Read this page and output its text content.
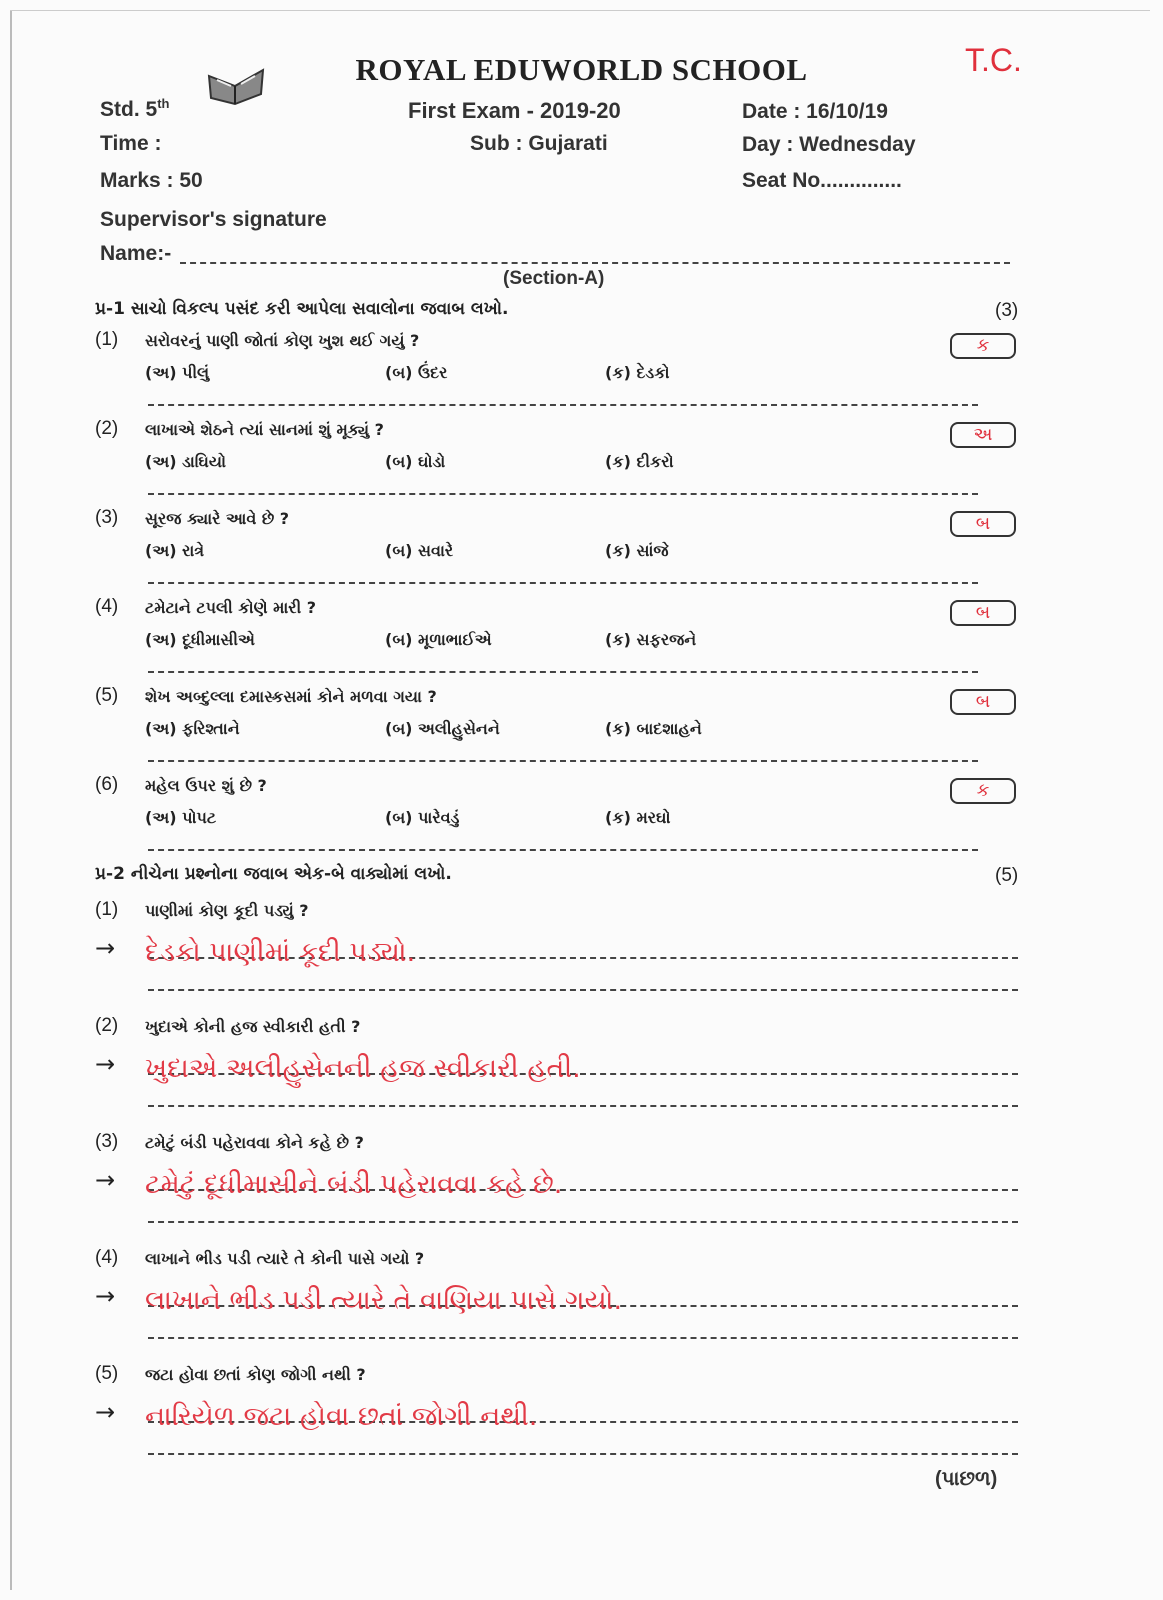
ROYAL EDUWORLD SCHOOL	T.C.
Std. 5th	First Exam - 2019-20	Date : 16/10/19
Time :	Sub : Gujarati	Day : Wednesday
Marks : 50	Seat No..............
Supervisor's signature
Name:-
(Section-A)
પ્ર-1 સાચો વિકલ્પ પસંદ કરી આપેલા સવાલોના જવાબ લખો.	(3)
(1) સરોવરનું પાણી જોતાં કોણ ખુશ થઈ ગયું ?
(અ) પીલું	(બ) ઉંદર	(ક) દેડકો
ક
(2) લાખાએ શેઠને ત્યાં સાનમાં શું મૂક્યું ?
(અ) ડાઘિયો	(બ) ઘોડો	(ક) દીકરો
અ
(3) સૂરજ ક્યારે આવે છે ?
(અ) રાત્રે	(બ) સવારે	(ક) સાંજે
બ
(4) ટમેટાને ટપલી કોણે મારી ?
(અ) દૂધીમાસીએ	(બ) મૂળાભાઈએ	(ક) સફરજને
બ
(5) શેખ અબ્દુલ્લા દમાસ્કસમાં કોને મળવા ગયા ?
(અ) ફરિશ્તાને	(બ) અલીહુસેનને	(ક) બાદશાહને
બ
(6) મહેલ ઉપર શું છે ?
(અ) પોપટ	(બ) પારેવડું	(ક) મરઘો
ક
પ્ર-2 નીચેના પ્રશ્નોના જવાબ એક-બે વાક્યોમાં લખો.	(5)
(1) પાણીમાં કોણ કૂદી પડ્યું ?
→ દેડકો પાણીમાં કૂદી પડ્યો.
(2) ખુદાએ કોની હજ સ્વીકારી હતી ?
→ ખુદાએ અલીહુસેનની હજ સ્વીકારી હતી.
(3) ટમેટું બંડી પહેરાવવા કોને કહે છે ?
→ ટમેટું દૂધીમાસીને બંડી પહેરાવવા કહે છે.
(4) લાખાને ભીડ પડી ત્યારે તે કોની પાસે ગયો ?
→ લાખાને ભીડ પડી ત્યારે તે વાણિયા પાસે ગયો.
(5) જટા હોવા છતાં કોણ જોગી નથી ?
→ નારિયેળ જટા હોવા છતાં જોગી નથી.
(પાછળ)
